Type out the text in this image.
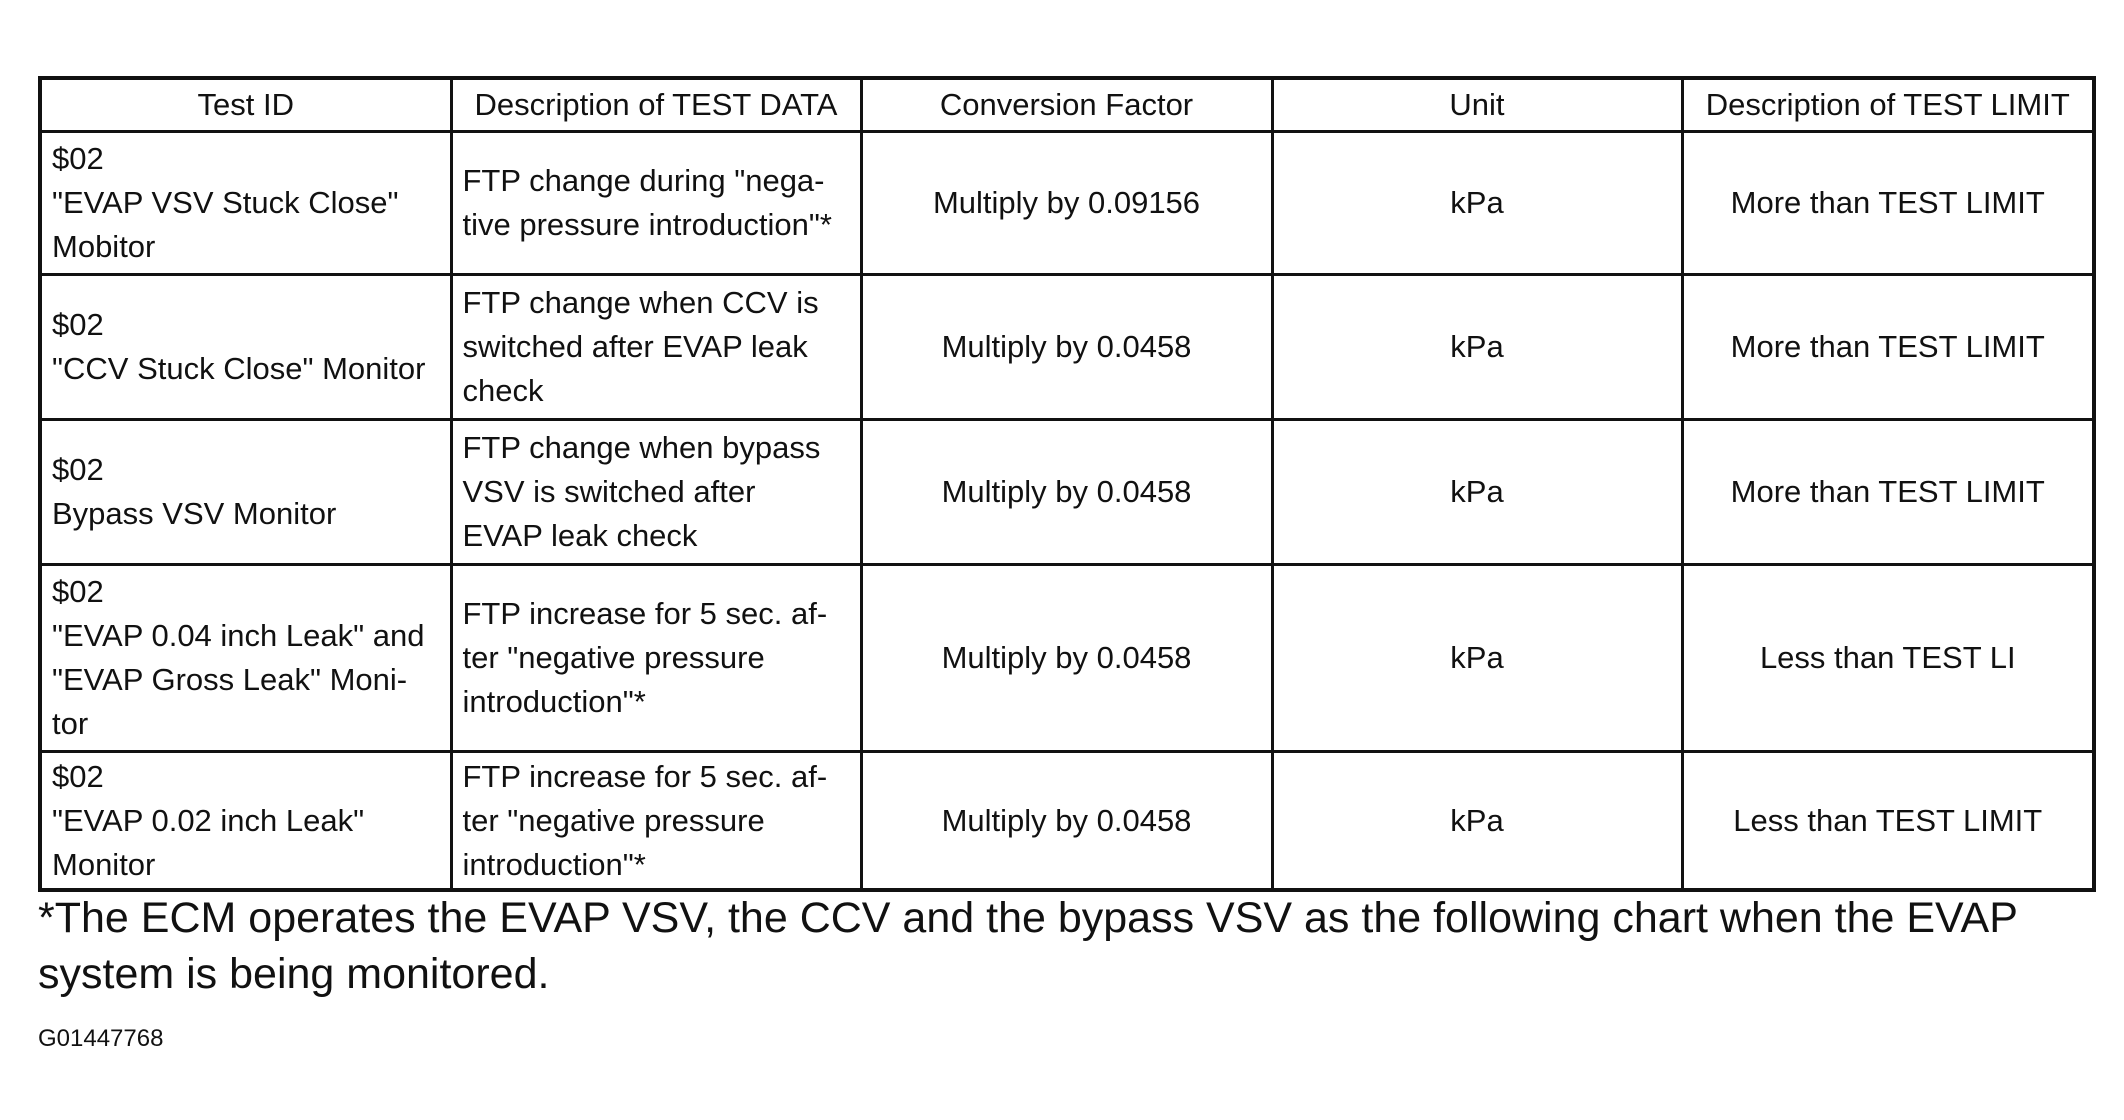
Test ID	Description of TEST DATA	Conversion Factor	Unit	Description of TEST LIMIT
$02
"EVAP VSV Stuck Close"
Mobitor	FTP change during "nega-
tive pressure introduction"*	Multiply by 0.09156	kPa	More than TEST LIMIT
$02
"CCV Stuck Close" Monitor	FTP change when CCV is
switched after EVAP leak
check	Multiply by 0.0458	kPa	More than TEST LIMIT
$02
Bypass VSV Monitor	FTP change when bypass
VSV is switched after
EVAP leak check	Multiply by 0.0458	kPa	More than TEST LIMIT
$02
"EVAP 0.04 inch Leak" and
"EVAP Gross Leak" Moni-
tor	FTP increase for 5 sec. af-
ter "negative pressure
introduction"*	Multiply by 0.0458	kPa	Less than TEST LI
$02
"EVAP 0.02 inch Leak"
Monitor	FTP increase for 5 sec. af-
ter "negative pressure
introduction"*	Multiply by 0.0458	kPa	Less than TEST LIMIT
*The ECM operates the EVAP VSV, the CCV and the bypass VSV as the following chart when the EVAP system is being monitored.
G01447768
